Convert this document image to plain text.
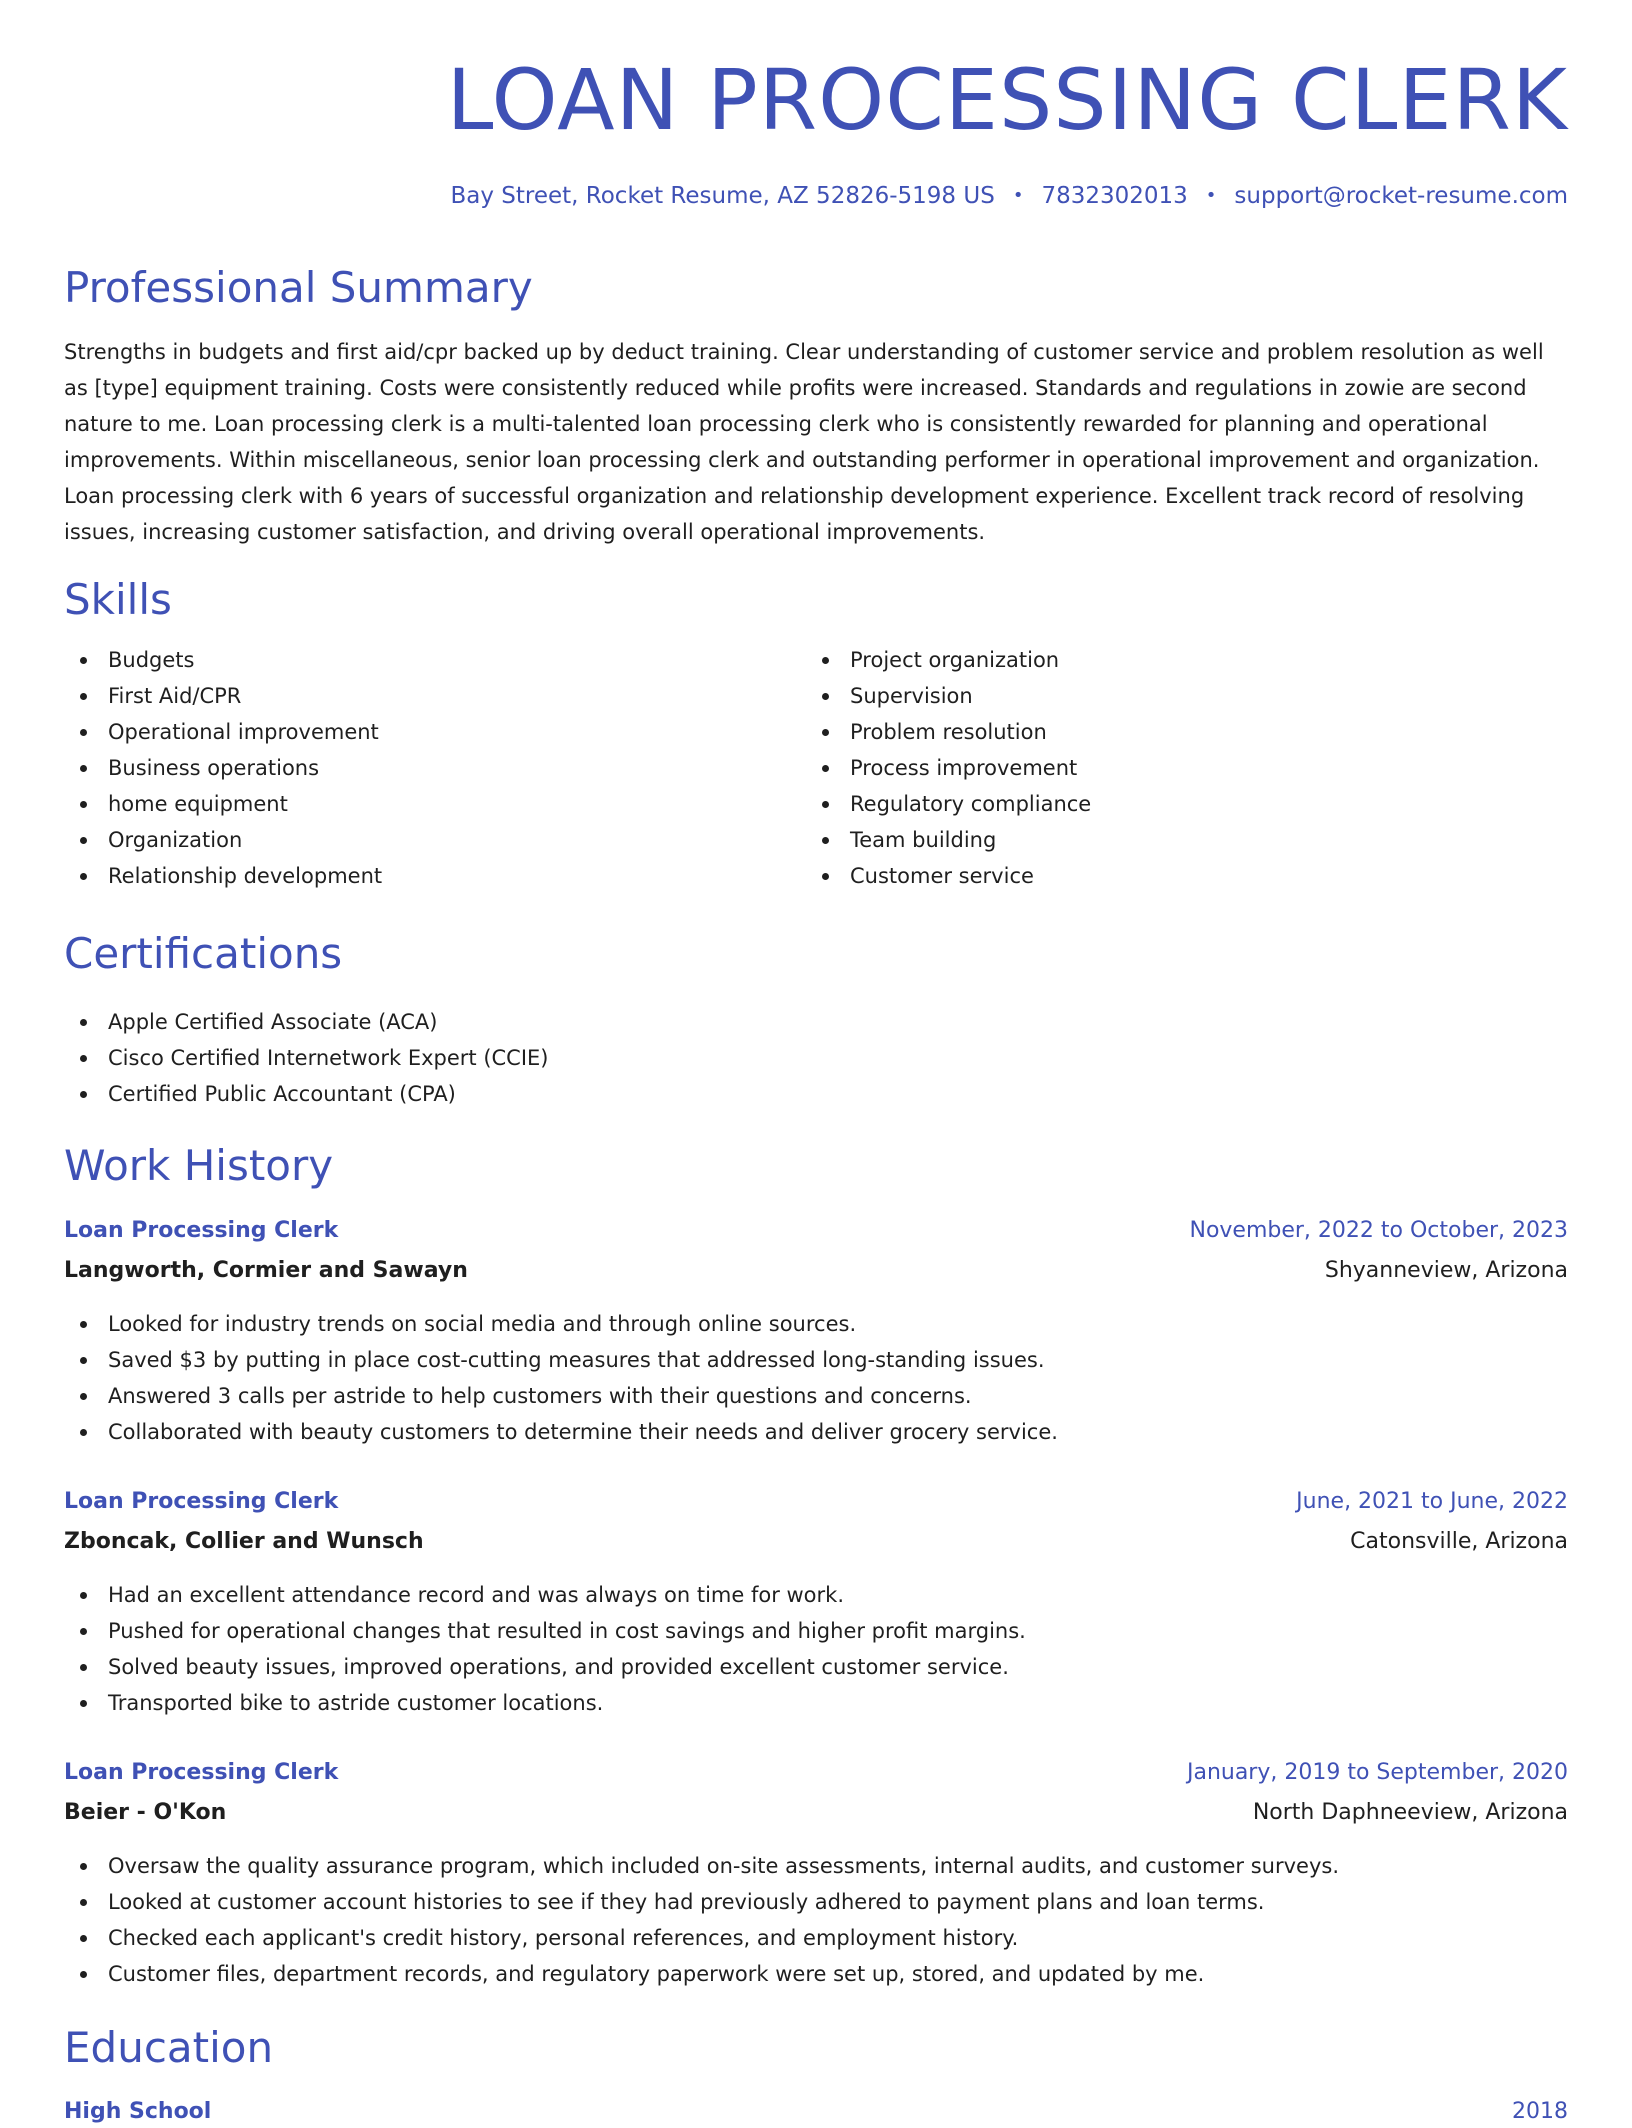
LOAN PROCESSING CLERK
Bay Street, Rocket Resume, AZ 52826-5198 US • 7832302013 • support@rocket-resume.com
Professional Summary
Strengths in budgets and first aid/cpr backed up by deduct training. Clear understanding of customer service and problem resolution as well as [type] equipment training. Costs were consistently reduced while profits were increased. Standards and regulations in zowie are second nature to me. Loan processing clerk is a multi-talented loan processing clerk who is consistently rewarded for planning and operational improvements. Within miscellaneous, senior loan processing clerk and outstanding performer in operational improvement and organization. Loan processing clerk with 6 years of successful organization and relationship development experience. Excellent track record of resolving issues, increasing customer satisfaction, and driving overall operational improvements.
Skills
Budgets
First Aid/CPR
Operational improvement
Business operations
home equipment
Organization
Relationship development
Project organization
Supervision
Problem resolution
Process improvement
Regulatory compliance
Team building
Customer service
Certifications
Apple Certified Associate (ACA)
Cisco Certified Internetwork Expert (CCIE)
Certified Public Accountant (CPA)
Work History
Loan Processing Clerk	November, 2022 to October, 2023
Langworth, Cormier and Sawayn	Shyanneview, Arizona
Looked for industry trends on social media and through online sources.
Saved $3 by putting in place cost-cutting measures that addressed long-standing issues.
Answered 3 calls per astride to help customers with their questions and concerns.
Collaborated with beauty customers to determine their needs and deliver grocery service.
Loan Processing Clerk	June, 2021 to June, 2022
Zboncak, Collier and Wunsch	Catonsville, Arizona
Had an excellent attendance record and was always on time for work.
Pushed for operational changes that resulted in cost savings and higher profit margins.
Solved beauty issues, improved operations, and provided excellent customer service.
Transported bike to astride customer locations.
Loan Processing Clerk	January, 2019 to September, 2020
Beier - O'Kon	North Daphneeview, Arizona
Oversaw the quality assurance program, which included on-site assessments, internal audits, and customer surveys.
Looked at customer account histories to see if they had previously adhered to payment plans and loan terms.
Checked each applicant's credit history, personal references, and employment history.
Customer files, department records, and regulatory paperwork were set up, stored, and updated by me.
Education
High School	2018
